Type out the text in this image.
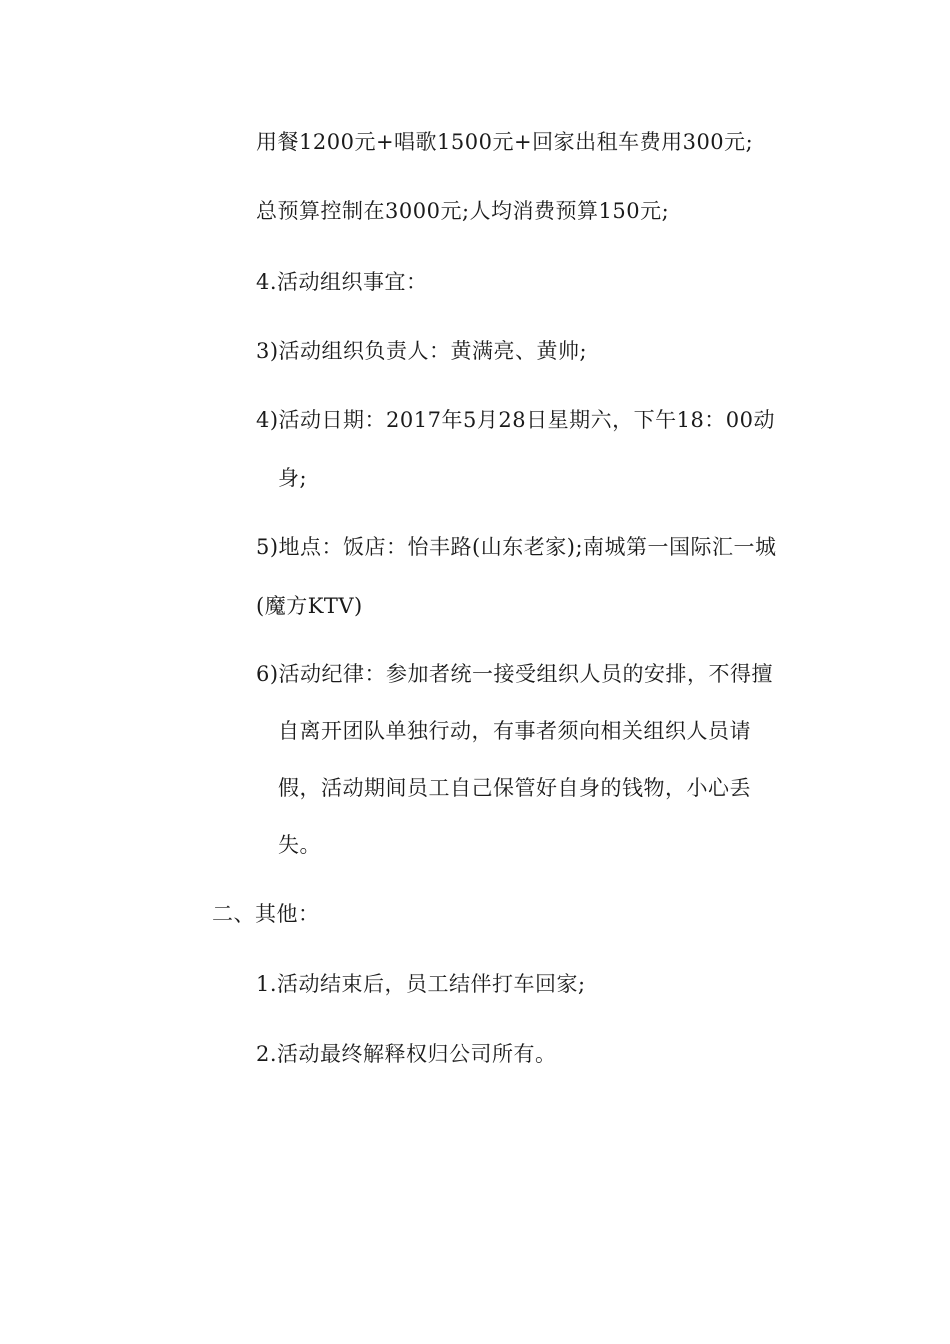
用餐1200元+唱歌1500元+回家出租车费用300元;
总预算控制在3000元;人均消费预算150元;
4.活动组织事宜：
3)活动组织负责人：黄满亮、黄帅;
4)活动日期：2017年5月28日星期六，下午18：00动
身;
5)地点：饭店：怡丰路(山东老家);南城第一国际汇一城
(魔方KTV)
6)活动纪律：参加者统一接受组织人员的安排，不得擅
自离开团队单独行动，有事者须向相关组织人员请
假，活动期间员工自己保管好自身的钱物，小心丢
失。
二、其他：
1.活动结束后，员工结伴打车回家;
2.活动最终解释权归公司所有。
